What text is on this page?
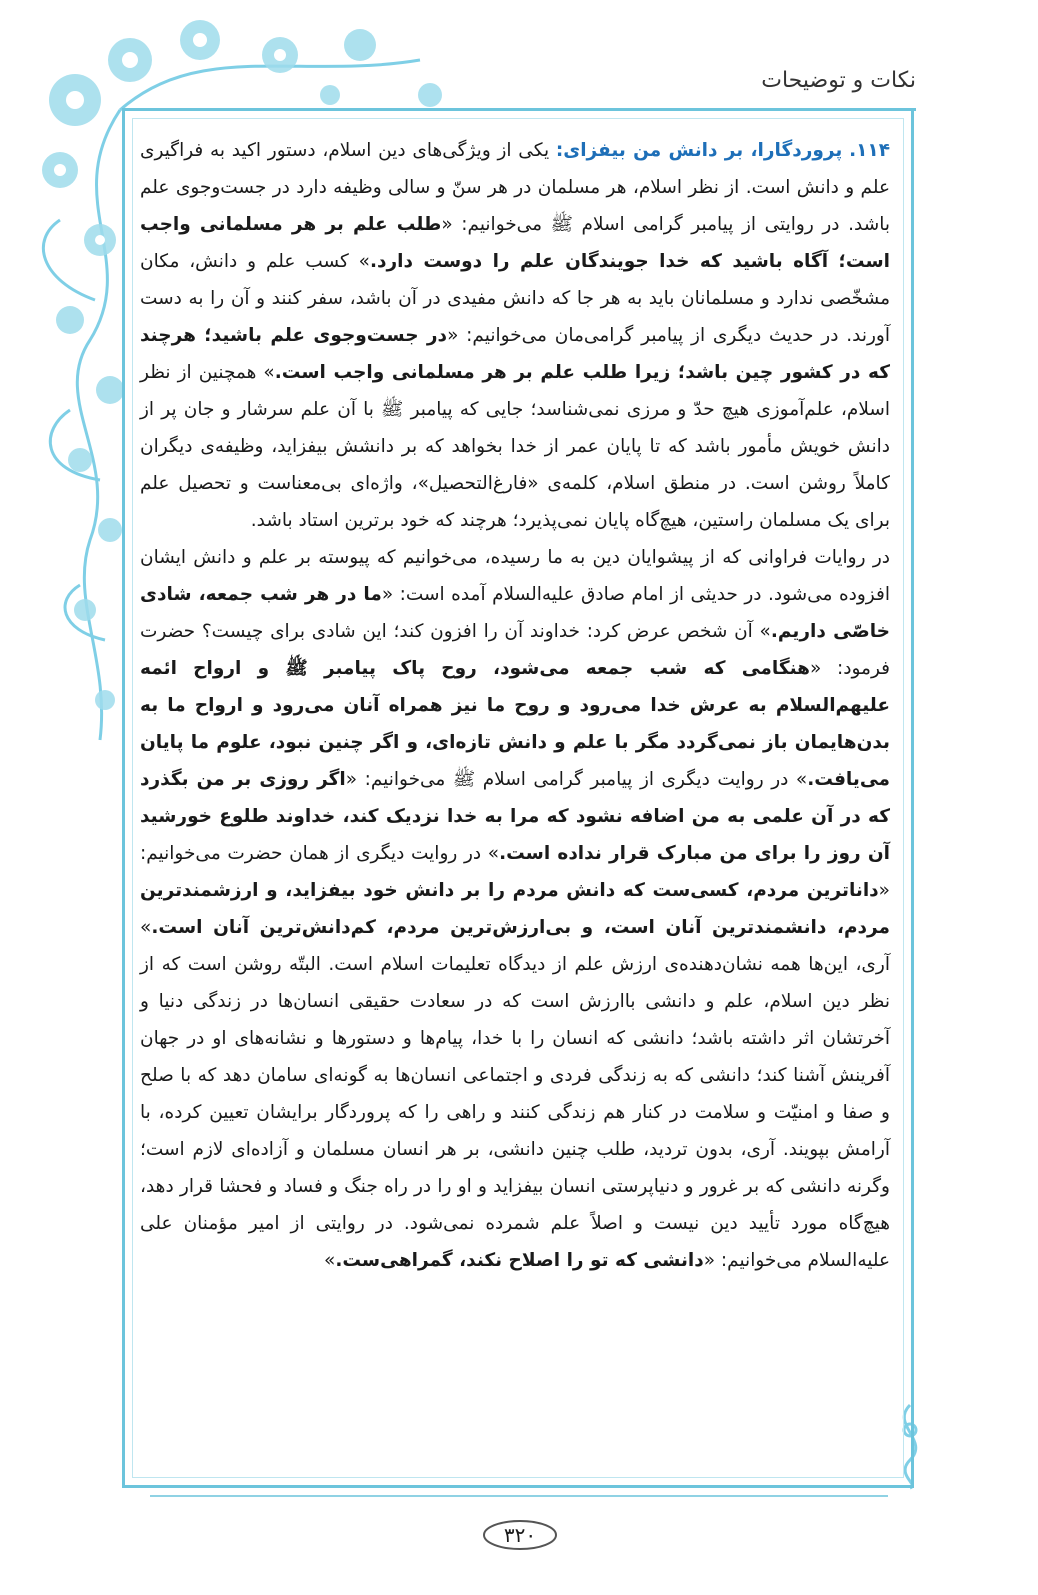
نکات و توضیحات

۱۱۴. پروردگارا، بر دانش من بیفزای: یکی از ویژگی‌های دین اسلام، دستور اکید به فراگیری علم و دانش است. از نظر اسلام، هر مسلمان در هر سنّ و سالی وظیفه دارد در جست‌وجوی علم باشد. در روایتی از پیامبر گرامی اسلام ﷺ می‌خوانیم: «طلب علم بر هر مسلمانی واجب است؛ آگاه باشید که خدا جویندگان علم را دوست دارد.» کسب علم و دانش، مکان مشخّصی ندارد و مسلمانان باید به هر جا که دانش مفیدی در آن باشد، سفر کنند و آن را به دست آورند. در حدیث دیگری از پیامبر گرامی‌مان می‌خوانیم: «در جست‌وجوی علم باشید؛ هرچند که در کشور چین باشد؛ زیرا طلب علم بر هر مسلمانی واجب است.» همچنین از نظر اسلام، علم‌آموزی هیچ حدّ و مرزی نمی‌شناسد؛ جایی که پیامبر ﷺ با آن علم سرشار و جان پر از دانش خویش مأمور باشد که تا پایان عمر از خدا بخواهد که بر دانشش بیفزاید، وظیفه‌ی دیگران کاملاً روشن است. در منطق اسلام، کلمه‌ی «فارغ‌التحصیل»، واژه‌ای بی‌معناست و تحصیل علم برای یک مسلمان راستین، هیچ‌گاه پایان نمی‌پذیرد؛ هرچند که خود برترین استاد باشد.

در روایات فراوانی که از پیشوایان دین به ما رسیده، می‌خوانیم که پیوسته بر علم و دانش ایشان افزوده می‌شود. در حدیثی از امام صادق علیه‌السلام آمده است: «ما در هر شب جمعه، شادی خاصّی داریم.» آن شخص عرض کرد: خداوند آن را افزون کند؛ این شادی برای چیست؟ حضرت فرمود: «هنگامی که شب جمعه می‌شود، روح پاک پیامبر ﷺ و ارواح ائمه علیهم‌السلام به عرش خدا می‌رود و روح ما نیز همراه آنان می‌رود و ارواح ما به بدن‌هایمان باز نمی‌گردد مگر با علم و دانش تازه‌ای، و اگر چنین نبود، علوم ما پایان می‌یافت.» در روایت دیگری از پیامبر گرامی اسلام ﷺ می‌خوانیم: «اگر روزی بر من بگذرد که در آن علمی به من اضافه نشود که مرا به خدا نزدیک کند، خداوند طلوع خورشید آن روز را برای من مبارک قرار نداده است.» در روایت دیگری از همان حضرت می‌خوانیم: «داناترین مردم، کسی‌ست که دانش مردم را بر دانش خود بیفزاید، و ارزشمندترین مردم، دانشمندترین آنان است، و بی‌ارزش‌ترین مردم، کم‌دانش‌ترین آنان است.» آری، این‌ها همه نشان‌دهنده‌ی ارزش علم از دیدگاه تعلیمات اسلام است. البتّه روشن است که از نظر دین اسلام، علم و دانشی باارزش است که در سعادت حقیقی انسان‌ها در زندگی دنیا و آخرتشان اثر داشته باشد؛ دانشی که انسان را با خدا، پیام‌ها و دستورها و نشانه‌های او در جهان آفرینش آشنا کند؛ دانشی که به زندگی فردی و اجتماعی انسان‌ها به گونه‌ای سامان دهد که با صلح و صفا و امنیّت و سلامت در کنار هم زندگی کنند و راهی را که پروردگار برایشان تعیین کرده، با آرامش بپویند. آری، بدون تردید، طلب چنین دانشی، بر هر انسان مسلمان و آزاده‌ای لازم است؛ وگرنه دانشی که بر غرور و دنیاپرستی انسان بیفزاید و او را در راه جنگ و فساد و فحشا قرار دهد، هیچ‌گاه مورد تأیید دین نیست و اصلاً علم شمرده نمی‌شود. در روایتی از امیر مؤمنان علی علیه‌السلام می‌خوانیم: «دانشی که تو را اصلاح نکند، گمراهی‌ست.»

۳۲۰
